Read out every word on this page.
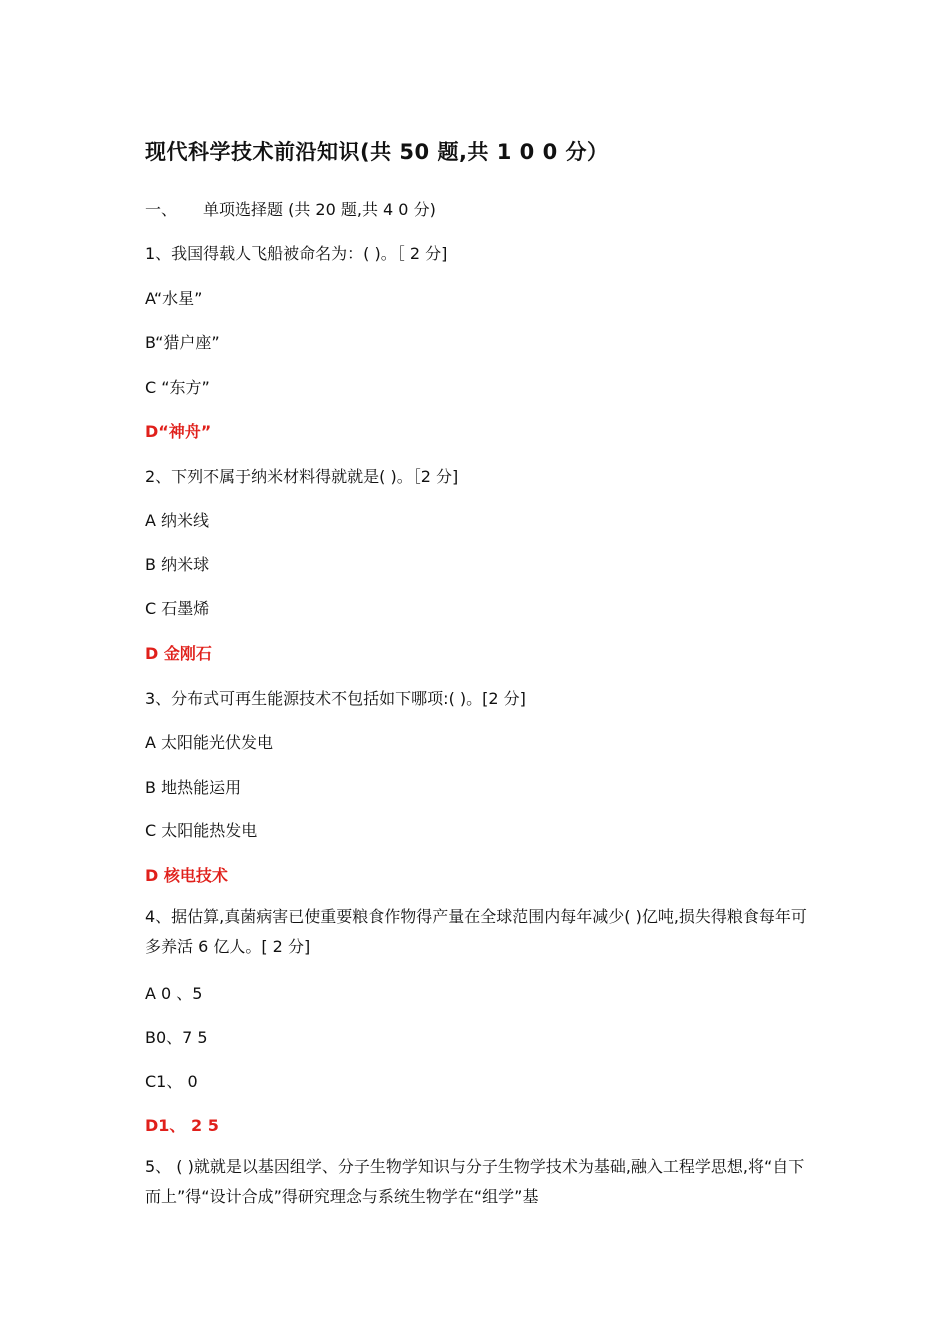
现代科学技术前沿知识(共 50 题,共 1 0 0 分）
一、 单项选择题 (共 20 题,共 4 0 分)
1、我国得载人飞船被命名为：( )。［ 2 分]
A“水星”
B“猎户座”
C “东方”
D“神舟”
2、下列不属于纳米材料得就就是( )。［2 分]
A 纳米线
B 纳米球
C 石墨烯
D 金刚石
3、分布式可再生能源技术不包括如下哪项:( )。[2 分]
A 太阳能光伏发电
B 地热能运用
C 太阳能热发电
D 核电技术
4、据估算,真菌病害已使重要粮食作物得产量在全球范围内每年减少( )亿吨,损失得粮食每年可多养活 6 亿人。[ 2 分]
A 0 、5
B0、7 5
C1、 0
D1、 2 5
5、 ( )就就是以基因组学、分子生物学知识与分子生物学技术为基础,融入工程学思想,将“自下而上”得“设计合成”得研究理念与系统生物学在“组学”基
